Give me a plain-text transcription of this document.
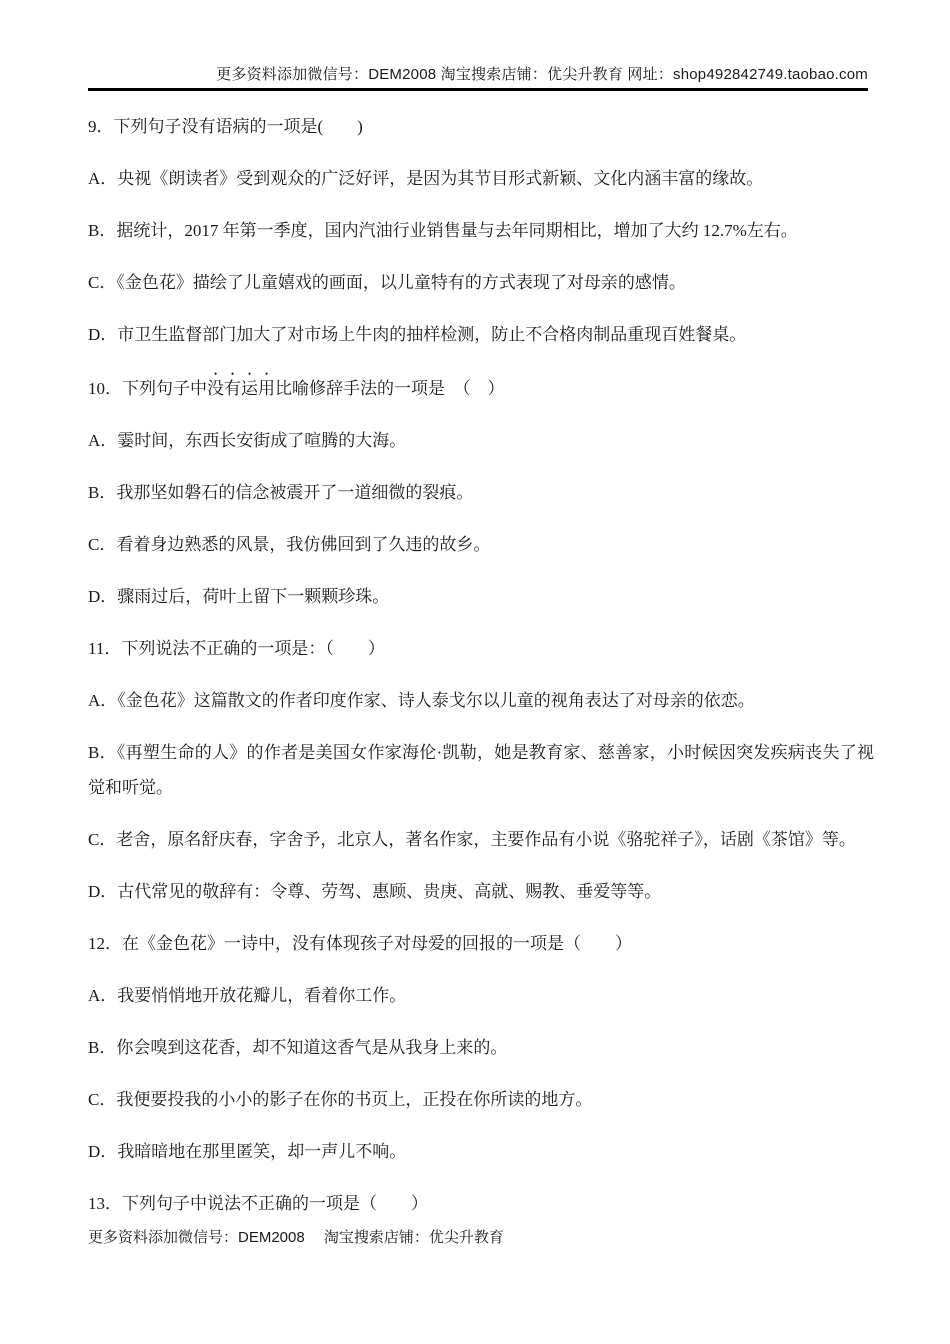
更多资料添加微信号：DEM2008 淘宝搜索店铺：优尖升教育 网址：shop492842749.taobao.com

9．下列句子没有语病的一项是(　　)

A．央视《朗读者》受到观众的广泛好评，是因为其节目形式新颖、文化内涵丰富的缘故。

B．据统计，2017 年第一季度，国内汽油行业销售量与去年同期相比，增加了大约 12.7%左右。

C．《金色花》描绘了儿童嬉戏的画面，以儿童特有的方式表现了对母亲的感情。

D．市卫生监督部门加大了对市场上牛肉的抽样检测，防止不合格肉制品重现百姓餐桌。

10．下列句子中没有运用比喻修辞手法的一项是　（　）

A．霎时间，东西长安街成了喧腾的大海。

B．我那坚如磐石的信念被震开了一道细微的裂痕。

C．看着身边熟悉的风景，我仿佛回到了久违的故乡。

D．骤雨过后，荷叶上留下一颗颗珍珠。

11．下列说法不正确的一项是：（　　）

A．《金色花》这篇散文的作者印度作家、诗人泰戈尔以儿童的视角表达了对母亲的依恋。

B．《再塑生命的人》的作者是美国女作家海伦·凯勒，她是教育家、慈善家，小时候因突发疾病丧失了视觉和听觉。

C．老舍，原名舒庆春，字舍予，北京人，著名作家，主要作品有小说《骆驼祥子》，话剧《茶馆》等。

D．古代常见的敬辞有：令尊、劳驾、惠顾、贵庚、高就、赐教、垂爱等等。

12．在《金色花》一诗中，没有体现孩子对母爱的回报的一项是（　　）

A．我要悄悄地开放花瓣儿，看着你工作。

B．你会嗅到这花香，却不知道这香气是从我身上来的。

C．我便要投我的小小的影子在你的书页上，正投在你所读的地方。

D．我暗暗地在那里匿笑，却一声儿不响。

13．下列句子中说法不正确的一项是（　　）

更多资料添加微信号：DEM2008　 淘宝搜索店铺：优尖升教育
